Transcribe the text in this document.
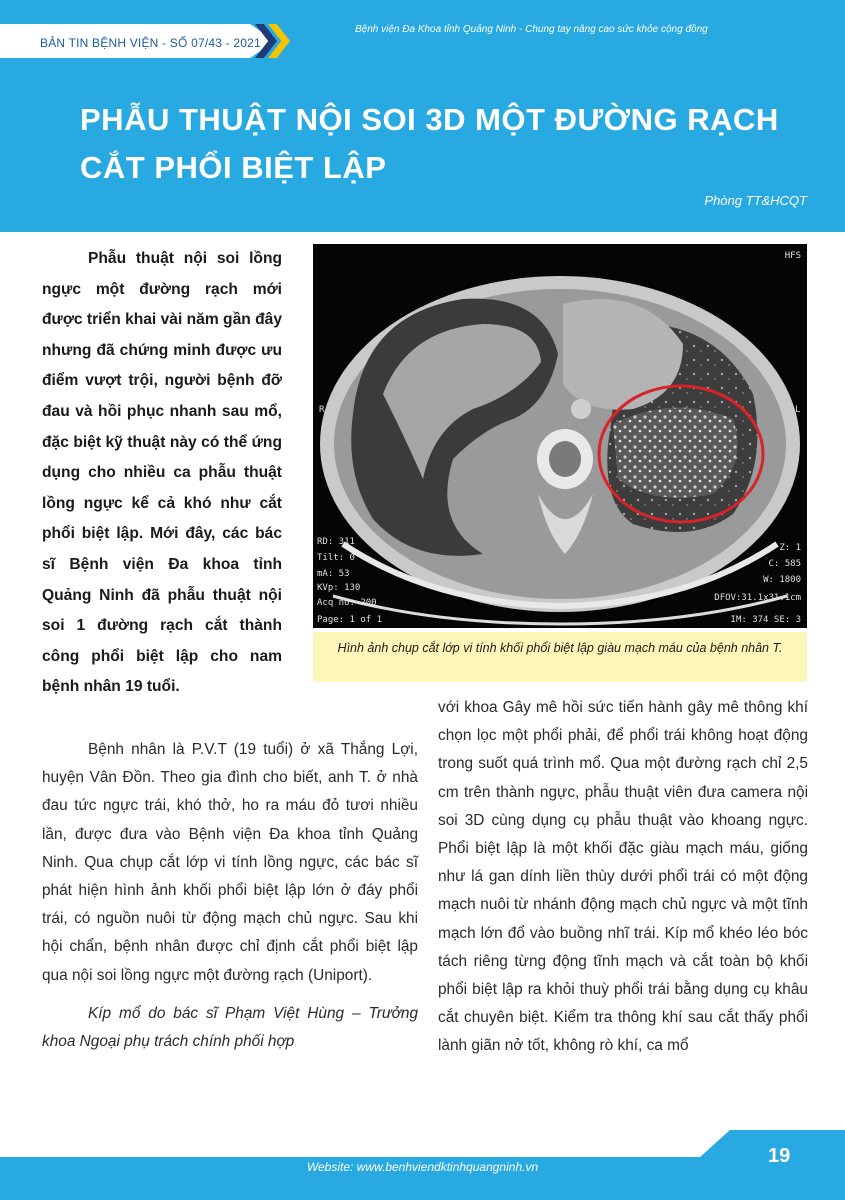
BẢN TIN BỆNH VIỆN - SỐ 07/43 - 2021
Bệnh viện Đa Khoa tỉnh Quảng Ninh - Chung tay nâng cao sức khỏe cộng đồng
PHẪU THUẬT NỘI SOI 3D MỘT ĐƯỜNG RẠCH
CẮT PHỔI BIỆT LẬP
Phòng TT&HCQT
Phẫu thuật nội soi lồng ngực một đường rạch mới được triển khai vài năm gần đây nhưng đã chứng minh được ưu điểm vượt trội, người bệnh đỡ đau và hồi phục nhanh sau mổ, đặc biệt kỹ thuật này có thể ứng dụng cho nhiều ca phẫu thuật lồng ngực kể cả khó như cắt phổi biệt lập. Mới đây, các bác sĩ Bệnh viện Đa khoa tỉnh Quảng Ninh đã phẫu thuật nội soi 1 đường rạch cắt thành công phổi biệt lập cho nam bệnh nhân 19 tuổi.
HFS
R	L
RD: 311
Tilt: 0
mA: 53
KVp: 130
Acq no: 200
Page: 1 of 1
Z: 1
C: 585
W: 1800
DFOV:31.1x31.1cm
IM: 374 SE: 3
Hình ảnh chụp cắt lớp vi tính khối phổi biệt lập giàu mạch máu của bệnh nhân T.

Bệnh nhân là P.V.T (19 tuổi) ở xã Thắng Lợi, huyện Vân Đồn. Theo gia đình cho biết, anh T. ở nhà đau tức ngực trái, khó thở, ho ra máu đỏ tươi nhiều lần, được đưa vào Bệnh viện Đa khoa tỉnh Quảng Ninh. Qua chụp cắt lớp vi tính lồng ngực, các bác sĩ phát hiện hình ảnh khối phổi biệt lập lớn ở đáy phổi trái, có nguồn nuôi từ động mạch chủ ngực. Sau khi hội chẩn, bệnh nhân được chỉ định cắt phổi biệt lập qua nội soi lồng ngực một đường rạch (Uniport).

Kíp mổ do bác sĩ Phạm Việt Hùng – Trưởng khoa Ngoại phụ trách chính phối hợp

với khoa Gây mê hồi sức tiến hành gây mê thông khí chọn lọc một phổi phải, để phổi trái không hoạt động trong suốt quá trình mổ. Qua một đường rạch chỉ 2,5 cm trên thành ngực, phẫu thuật viên đưa camera nội soi 3D cùng dụng cụ phẫu thuật vào khoang ngực. Phổi biệt lập là một khối đặc giàu mạch máu, giống như lá gan dính liền thùy dưới phổi trái có một động mạch nuôi từ nhánh động mạch chủ ngực và một tĩnh mạch lớn đổ vào buồng nhĩ trái. Kíp mổ khéo léo bóc tách riêng từng động tĩnh mạch và cắt toàn bộ khối phổi biệt lập ra khỏi thuỳ phổi trái bằng dụng cụ khâu cắt chuyên biệt. Kiểm tra thông khí sau cắt thấy phổi lành giãn nở tốt, không rò khí, ca mổ

Website: www.benhviendktinhquangninh.vn	19
